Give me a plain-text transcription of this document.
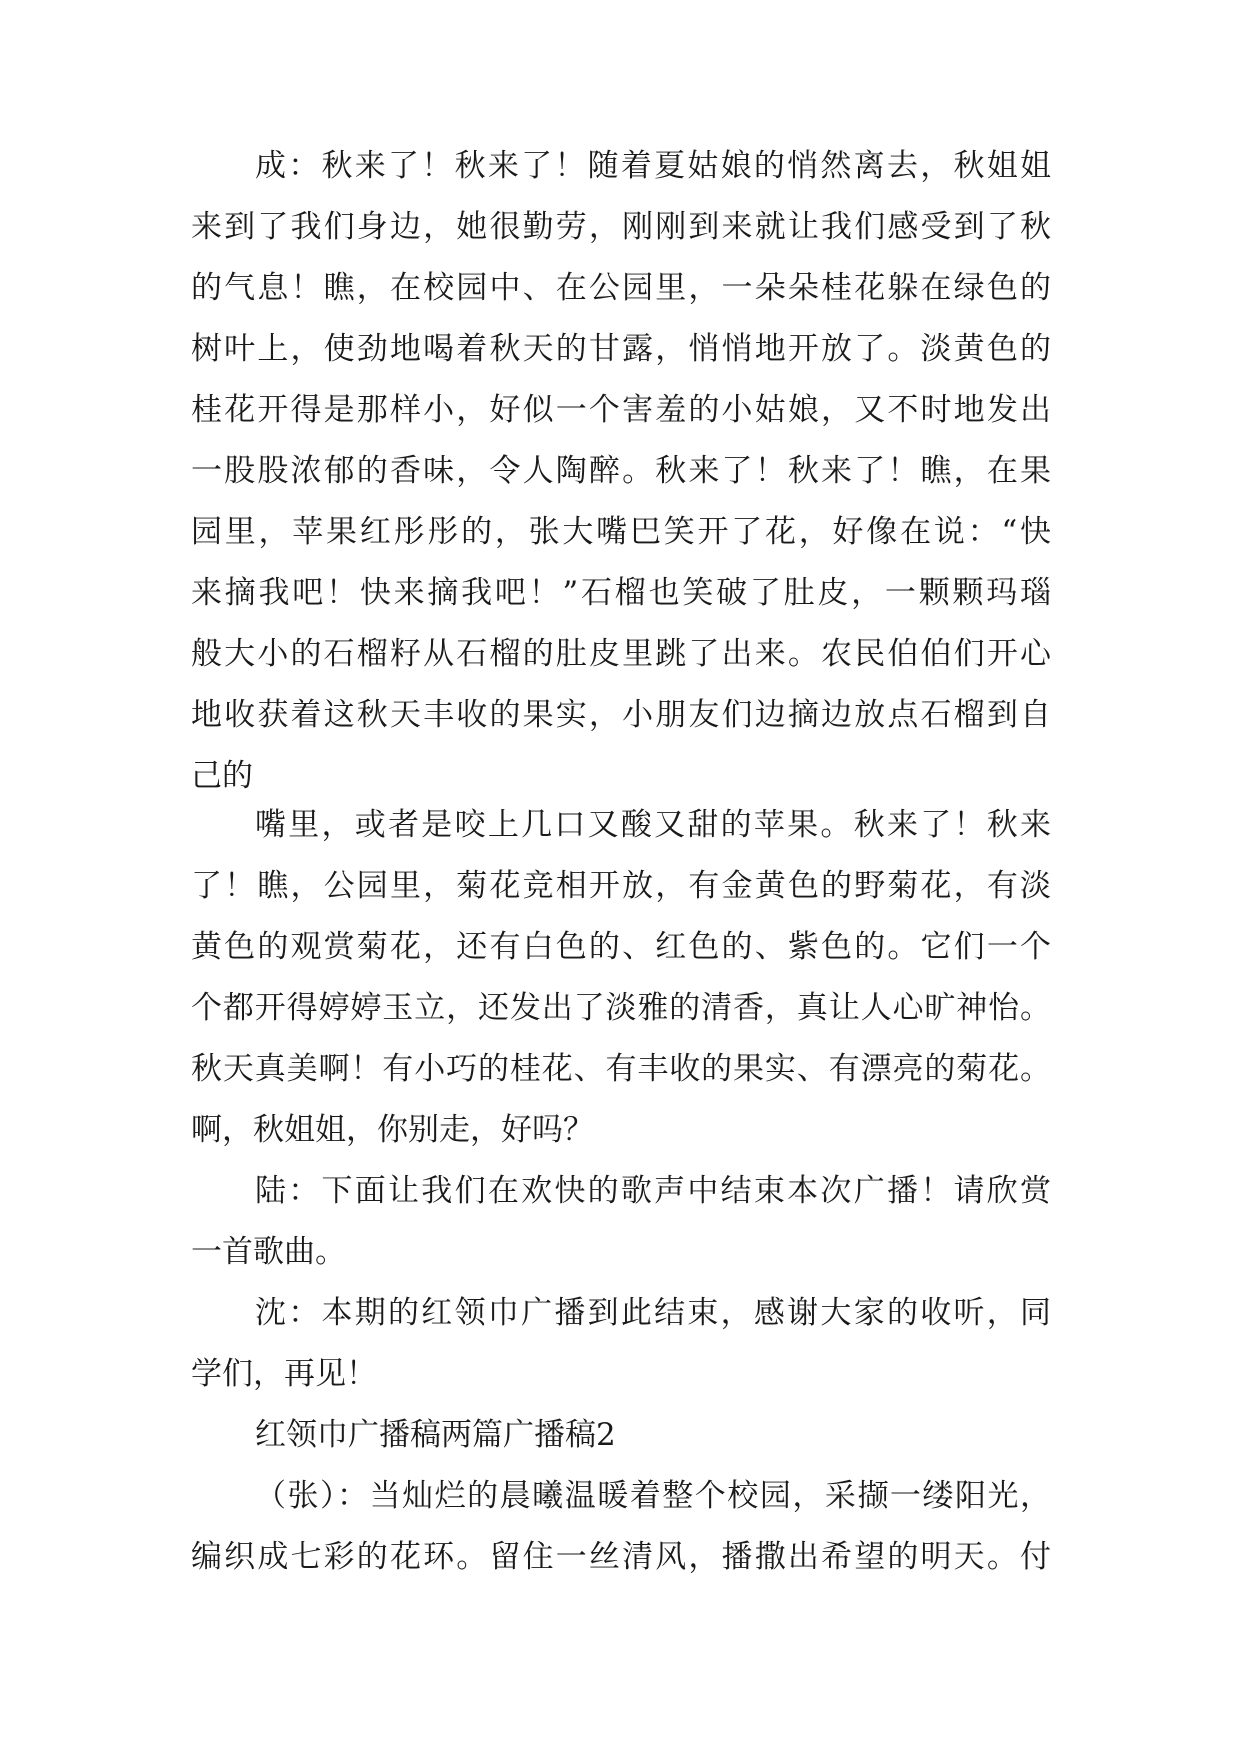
成：秋来了！秋来了！随着夏姑娘的悄然离去，秋姐姐
来到了我们身边，她很勤劳，刚刚到来就让我们感受到了秋
的气息！瞧，在校园中、在公园里，一朵朵桂花躲在绿色的
树叶上，使劲地喝着秋天的甘露，悄悄地开放了。淡黄色的
桂花开得是那样小，好似一个害羞的小姑娘，又不时地发出
一股股浓郁的香味，令人陶醉。秋来了！秋来了！瞧，在果
园里，苹果红彤彤的，张大嘴巴笑开了花，好像在说：“快
来摘我吧！快来摘我吧！”石榴也笑破了肚皮，一颗颗玛瑙
般大小的石榴籽从石榴的肚皮里跳了出来。农民伯伯们开心
地收获着这秋天丰收的果实，小朋友们边摘边放点石榴到自
己的
嘴里，或者是咬上几口又酸又甜的苹果。秋来了！秋来
了！瞧，公园里，菊花竞相开放，有金黄色的野菊花，有淡
黄色的观赏菊花，还有白色的、红色的、紫色的。它们一个
个都开得婷婷玉立，还发出了淡雅的清香，真让人心旷神怡。
秋天真美啊！有小巧的桂花、有丰收的果实、有漂亮的菊花。
啊，秋姐姐，你别走，好吗？
陆：下面让我们在欢快的歌声中结束本次广播！请欣赏
一首歌曲。
沈：本期的红领巾广播到此结束，感谢大家的收听，同
学们，再见！
红领巾广播稿两篇广播稿2
（张）：当灿烂的晨曦温暖着整个校园，采撷一缕阳光，
编织成七彩的花环。留住一丝清风，播撒出希望的明天。付
